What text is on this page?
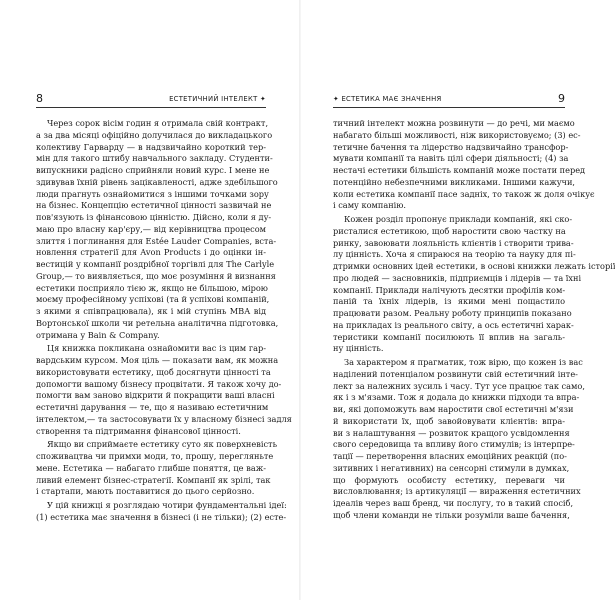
8	ЕСТЕТИЧНИЙ ІНТЕЛЕКТ ✦
Через сорок вісім годин я отримала свій контракт,
а за два місяці офіційно долучилася до викладацького
колективу Гарварду — в надзвичайно короткий тер-
мін для такого штибу навчального закладу. Студенти-
випускники радісно сприйняли новий курс. І мене не
здивував їхній рівень зацікавленості, адже здебільшого
люди прагнуть ознайомитися з іншими точками зору
на бізнес. Концепцію естетичної цінності зазвичай не
пов'язують із фінансовою цінністю. Дійсно, коли я ду-
маю про власну кар'єру,— від керівництва процесом
злиття і поглинання для Estée Lauder Companies, вста-
новлення стратегії для Avon Products і до оцінки ін-
вестицій у компанії роздрібної торгівлі для The Carlyle
Group,— то виявляється, що моє розуміння й визнання
естетики посприяло тією ж, якщо не більшою, мірою
моєму професійному успіхові (та й успіхові компаній,
з якими я співпрацювала), як і мій ступінь МВА від
Вортонської школи чи ретельна аналітична підготовка,
отримана у Bain & Company.
Ця книжка покликана ознайомити вас із цим гар-
вардським курсом. Моя ціль — показати вам, як можна
використовувати естетику, щоб досягнути цінності та
допомогти вашому бізнесу процвітати. Я також хочу до-
помогти вам заново відкрити й покращити ваші власні
естетичні дарування — те, що я називаю естетичним
інтелектом,— та застосовувати їх у власному бізнесі задля
створення та підтримання фінансової цінності.
Якщо ви сприймаєте естетику суто як поверхневість
споживацтва чи примхи моди, то, прошу, перегляньте
мене. Естетика — набагато глибше поняття, це важ-
ливий елемент бізнес-стратегії. Компанії як зрілі, так
і стартапи, мають поставитися до цього серйозно.
У цій книжці я розглядаю чотири фундаментальні ідеї:
(1) естетика має значення в бізнесі (і не тільки); (2) есте-
✦ ЕСТЕТИКА МАЄ ЗНАЧЕННЯ	9
тичний інтелект можна розвинути — до речі, ми маємо
набагато більші можливості, ніж використовуємо; (3) ес-
тетичне бачення та лідерство надзвичайно трансфор-
мувати компанії та навіть цілі сфери діяльності; (4) за
нестачі естетики більшість компаній може постати перед
потенційно небезпечними викликами. Іншими кажучи,
коли естетика компанії пасе задніх, то також ж доля очікує
і саму компанію.
Кожен розділ пропонує приклади компаній, які ско-
ристалися естетикою, щоб наростити свою частку на
ринку, завоювати лояльність клієнтів і створити трива-
лу цінність. Хоча я спираюся на теорію та науку для пі-
дтримки основних ідей естетики, в основі книжки лежать історії
про людей — засновників, підприємців і лідерів — та їхні
компанії. Приклади налічують десятки профілів ком-
паній та їхніх лідерів, із якими мені пощастило
працювати разом. Реальну роботу принципів показано
на прикладах із реального світу, а ось естетичні харак-
теристики компанії посилюють її вплив на загаль-
ну цінність.
За характером я прагматик, тож вірю, що кожен із вас
наділений потенціалом розвинути свій естетичний інте-
лект за належних зусиль і часу. Тут усе працює так само,
як і з м'язами. Тож я додала до книжки підходи та впра-
ви, які допоможуть вам наростити свої естетичні м'язи
й використати їх, щоб завойовувати клієнтів: впра-
ви з налаштування — розвиток кращого усвідомлення
свого середовища та впливу його стимулів; із інтерпре-
тації — перетворення власних емоційних реакцій (по-
зитивних і негативних) на сенсорні стимули в думках,
що формують особисту естетику, переваги чи
висловлювання; із артикуляції — вираження естетичних
ідеалів через ваш бренд, чи послугу, то в такий спосіб,
щоб члени команди не тільки розуміли ваше бачення,
